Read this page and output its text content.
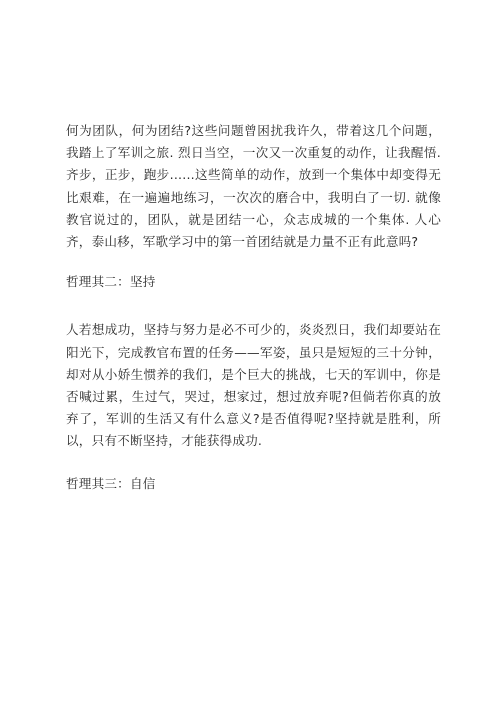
何为团队，何为团结?这些问题曾困扰我许久，带着这几个问题，我踏上了军训之旅. 烈日当空，一次又一次重复的动作，让我醒悟. 齐步，正步，跑步......这些简单的动作，放到一个集体中却变得无比艰难，在一遍遍地练习，一次次的磨合中，我明白了一切. 就像教官说过的，团队，就是团结一心，众志成城的一个集体. 人心齐，泰山移，军歌学习中的第一首团结就是力量不正有此意吗?

哲理其二：坚持

人若想成功，坚持与努力是必不可少的，炎炎烈日，我们却要站在阳光下，完成教官布置的任务——军姿，虽只是短短的三十分钟，却对从小娇生惯养的我们，是个巨大的挑战，七天的军训中，你是否喊过累，生过气，哭过，想家过，想过放弃呢?但倘若你真的放弃了，军训的生活又有什么意义?是否值得呢?坚持就是胜利，所以，只有不断坚持，才能获得成功.

哲理其三：自信
